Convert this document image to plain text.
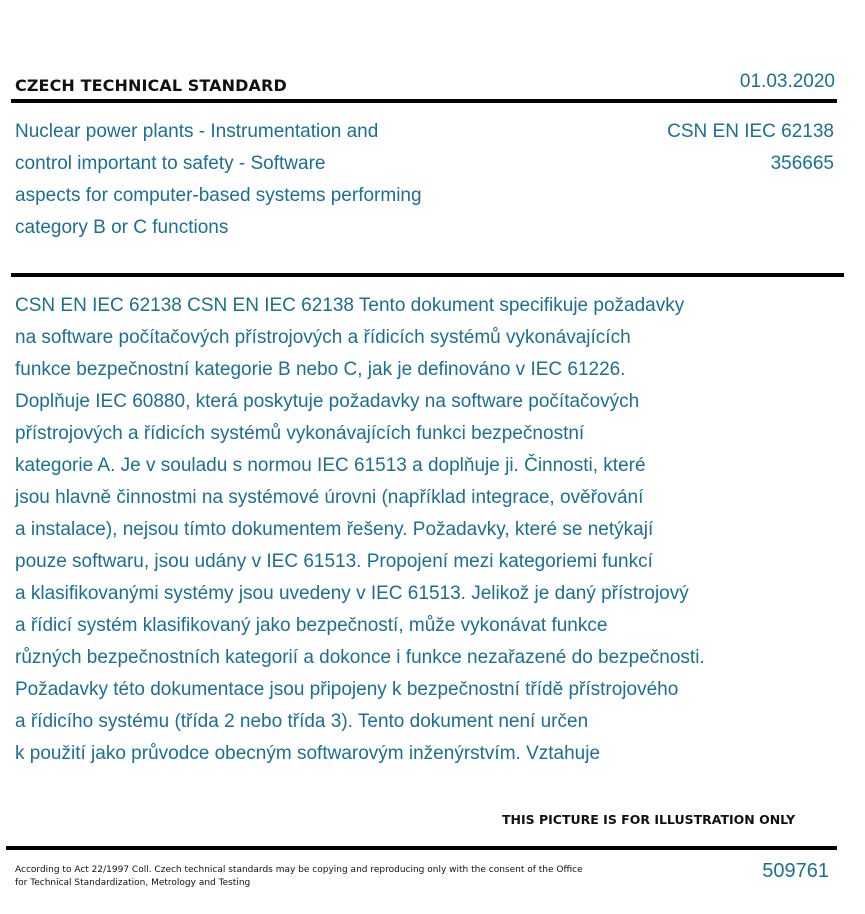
CZECH TECHNICAL STANDARD	01.03.2020
Nuclear power plants - Instrumentation and
control important to safety - Software
aspects for computer-based systems performing
category B or C functions
CSN EN IEC 62138
356665
CSN EN IEC 62138 CSN EN IEC 62138 Tento dokument specifikuje požadavky
na software počítačových přístrojových a řídicích systémů vykonávajících
funkce bezpečnostní kategorie B nebo C, jak je definováno v IEC 61226.
Doplňuje IEC 60880, která poskytuje požadavky na software počítačových
přístrojových a řídicích systémů vykonávajících funkci bezpečnostní
kategorie A. Je v souladu s normou IEC 61513 a doplňuje ji. Činnosti, které
jsou hlavně činnostmi na systémové úrovni (například integrace, ověřování
a instalace), nejsou tímto dokumentem řešeny. Požadavky, které se netýkají
pouze softwaru, jsou udány v IEC 61513. Propojení mezi kategoriemi funkcí
a klasifikovanými systémy jsou uvedeny v IEC 61513. Jelikož je daný přístrojový
a řídicí systém klasifikovaný jako bezpečností, může vykonávat funkce
různých bezpečnostních kategorií a dokonce i funkce nezařazené do bezpečnosti.
Požadavky této dokumentace jsou připojeny k bezpečnostní třídě přístrojového
a řídicího systému (třída 2 nebo třída 3). Tento dokument není určen
k použití jako průvodce obecným softwarovým inženýrstvím. Vztahuje
THIS PICTURE IS FOR ILLUSTRATION ONLY
According to Act 22/1997 Coll. Czech technical standards may be copying and reproducing only with the consent of the Office
for Technical Standardization, Metrology and Testing
509761
